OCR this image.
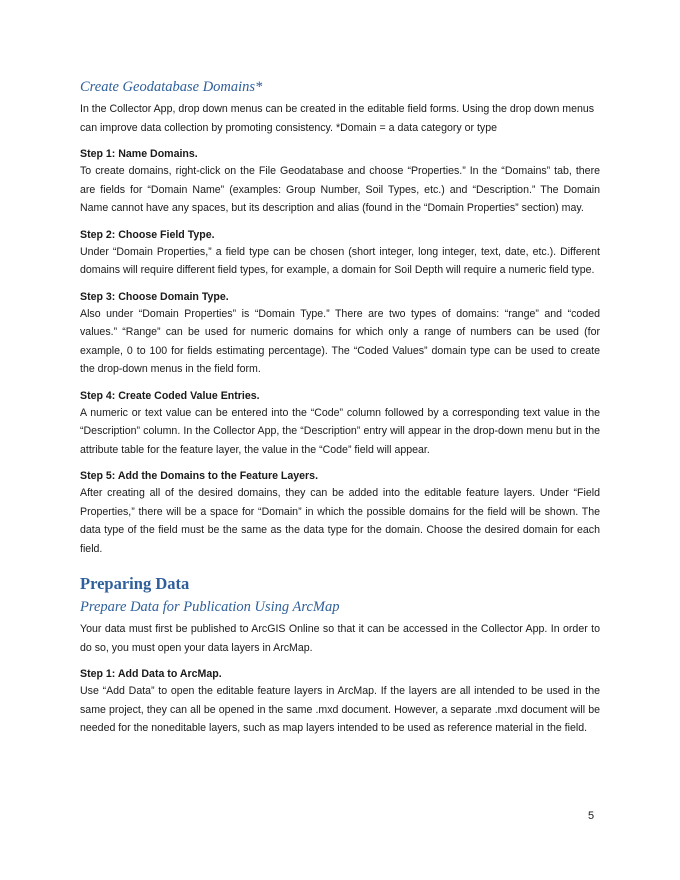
Create Geodatabase Domains*

In the Collector App, drop down menus can be created in the editable field forms. Using the drop down menus can improve data collection by promoting consistency. *Domain = a data category or type

Step 1: Name Domains.

To create domains, right-click on the File Geodatabase and choose “Properties.” In the “Domains” tab, there are fields for “Domain Name” (examples: Group Number, Soil Types, etc.) and “Description.” The Domain Name cannot have any spaces, but its description and alias (found in the “Domain Properties” section) may.

Step 2: Choose Field Type.

Under “Domain Properties,” a field type can be chosen (short integer, long integer, text, date, etc.). Different domains will require different field types, for example, a domain for Soil Depth will require a numeric field type.

Step 3: Choose Domain Type.

Also under “Domain Properties” is “Domain Type.” There are two types of domains: “range” and “coded values.” “Range” can be used for numeric domains for which only a range of numbers can be used (for example, 0 to 100 for fields estimating percentage). The “Coded Values” domain type can be used to create the drop-down menus in the field form.

Step 4: Create Coded Value Entries.

A numeric or text value can be entered into the “Code” column followed by a corresponding text value in the “Description” column. In the Collector App, the “Description” entry will appear in the drop-down menu but in the attribute table for the feature layer, the value in the “Code” field will appear.

Step 5: Add the Domains to the Feature Layers.

After creating all of the desired domains, they can be added into the editable feature layers. Under “Field Properties,” there will be a space for “Domain” in which the possible domains for the field will be shown. The data type of the field must be the same as the data type for the domain. Choose the desired domain for each field.

Preparing Data
Prepare Data for Publication Using ArcMap

Your data must first be published to ArcGIS Online so that it can be accessed in the Collector App. In order to do so, you must open your data layers in ArcMap.

Step 1: Add Data to ArcMap.

Use “Add Data” to open the editable feature layers in ArcMap. If the layers are all intended to be used in the same project, they can all be opened in the same .mxd document. However, a separate .mxd document will be needed for the noneditable layers, such as map layers intended to be used as reference material in the field.

5
